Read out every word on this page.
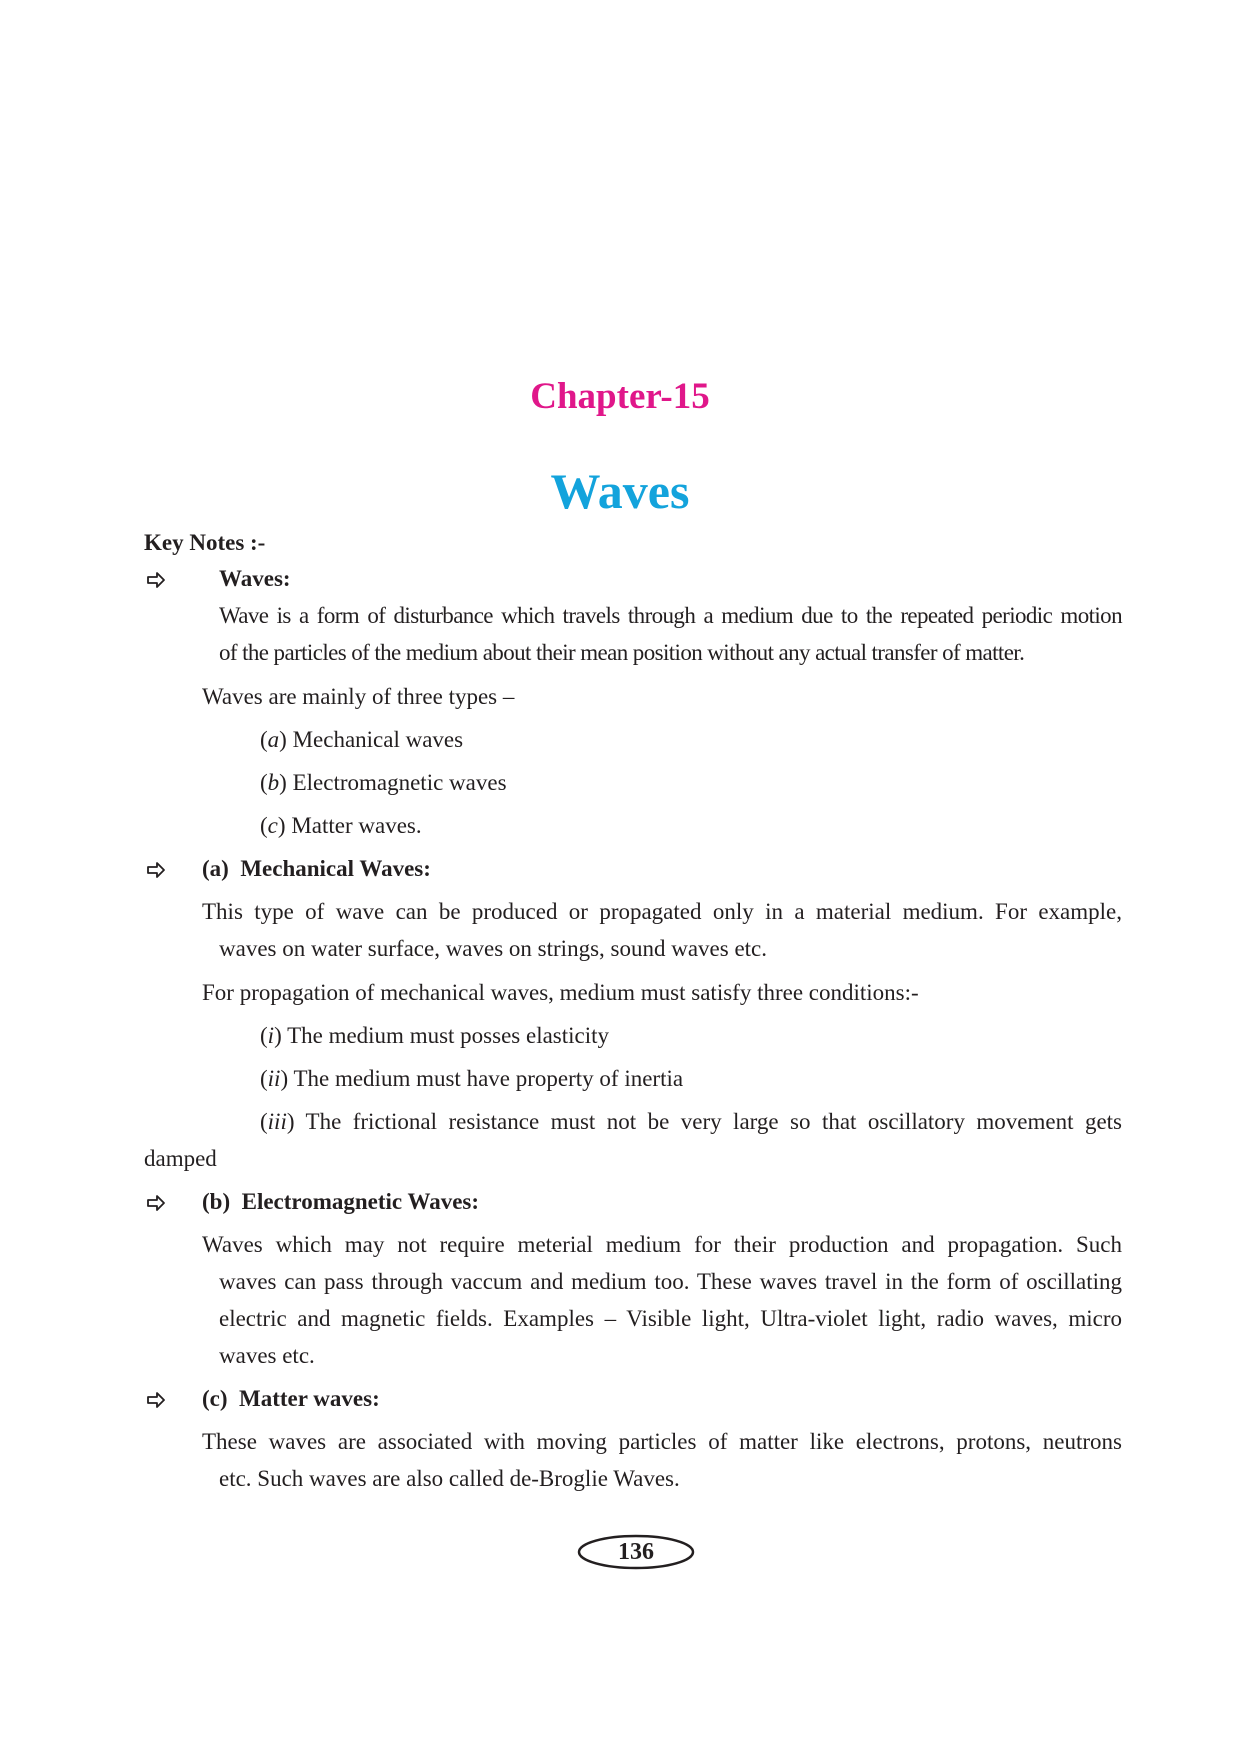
Chapter-15
Waves
Key Notes :-
Waves:
Wave is a form of disturbance which travels through a medium due to the repeated periodic motion
of the particles of the medium about their mean position without any actual transfer of matter.
Waves are mainly of three types –
(a) Mechanical waves
(b) Electromagnetic waves
(c) Matter waves.
(a)  Mechanical Waves:
This type of wave can be produced or propagated only in a material medium. For example,
waves on water surface, waves on strings, sound waves etc.
For propagation of mechanical waves, medium must satisfy three conditions:-
(i) The medium must posses elasticity
(ii) The medium must have property of inertia
(iii) The frictional resistance must not be very large so that oscillatory movement gets
damped
(b)  Electromagnetic Waves:
Waves which may not require meterial medium for their production and propagation. Such
waves can pass through vaccum and medium too. These waves travel in the form of oscillating
electric and magnetic fields. Examples – Visible light, Ultra-violet light, radio waves, micro
waves etc.
(c)  Matter waves:
These waves are associated with moving particles of matter like electrons, protons, neutrons
etc. Such waves are also called de-Broglie Waves.
136
